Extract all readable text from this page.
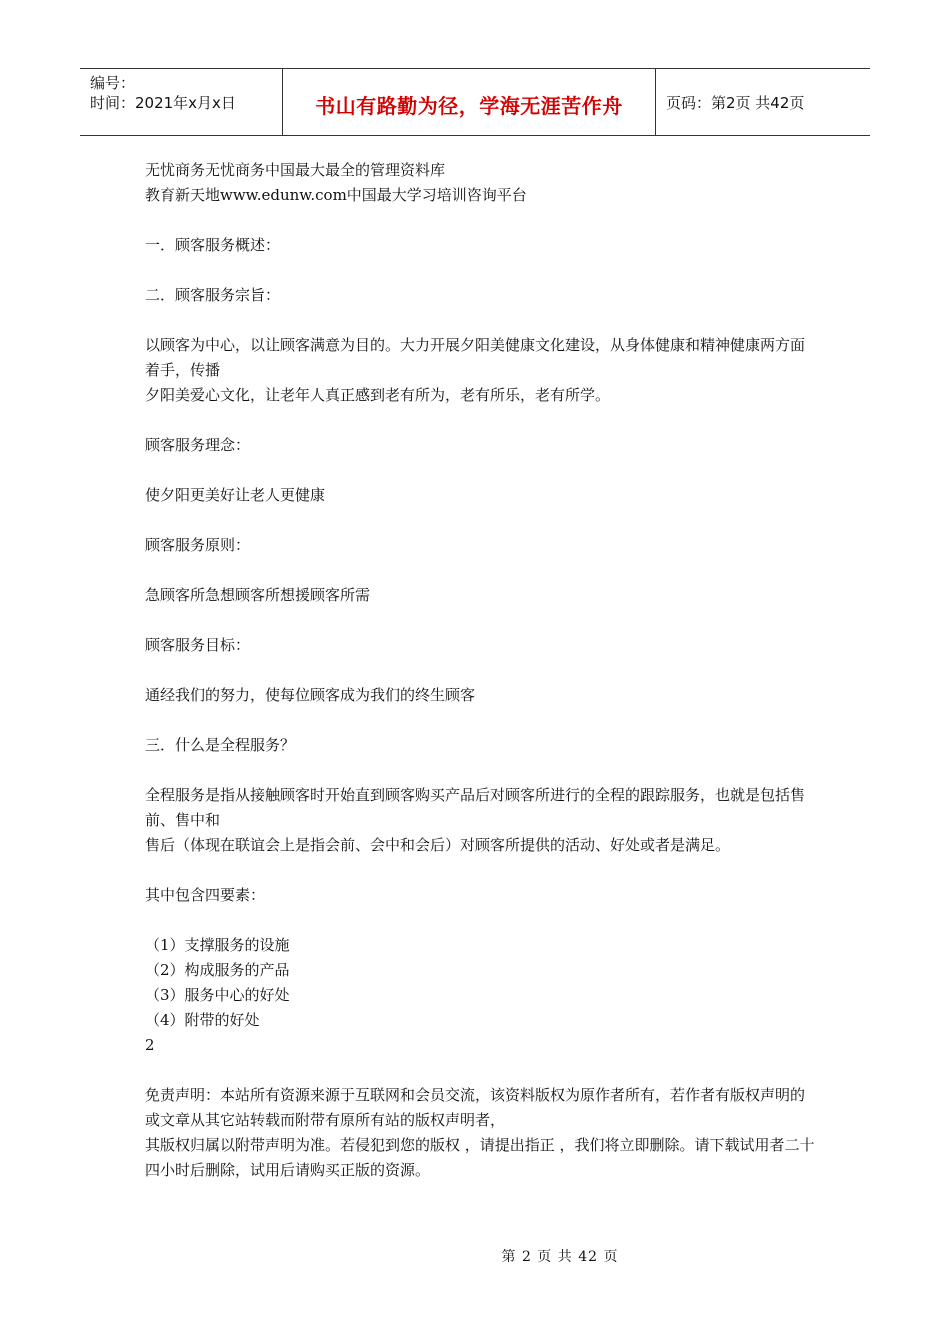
编号：
时间：2021年x月x日	书山有路勤为径，学海无涯苦作舟	页码：第2页 共42页

无忧商务无忧商务中国最大最全的管理资料库

教育新天地www.edunw.com中国最大学习培训咨询平台

一．顾客服务概述：

二．顾客服务宗旨：

以顾客为中心，以让顾客满意为目的。大力开展夕阳美健康文化建设，从身体健康和精神健康两方面着手，传播

夕阳美爱心文化，让老年人真正感到老有所为，老有所乐，老有所学。

顾客服务理念：

使夕阳更美好让老人更健康

顾客服务原则：

急顾客所急想顾客所想援顾客所需

顾客服务目标：

通经我们的努力，使每位顾客成为我们的终生顾客

三．什么是全程服务？

全程服务是指从接触顾客时开始直到顾客购买产品后对顾客所进行的全程的跟踪服务，也就是包括售前、售中和

售后（体现在联谊会上是指会前、会中和会后）对顾客所提供的活动、好处或者是满足。

其中包含四要素：

（1）支撑服务的设施

（2）构成服务的产品

（3）服务中心的好处

（4）附带的好处

2

免责声明：本站所有资源来源于互联网和会员交流，该资料版权为原作者所有，若作者有版权声明的或文章从其它站转载而附带有原所有站的版权声明者，

其版权归属以附带声明为准。若侵犯到您的版权 ，请提出指正 ，我们将立即删除。请下载试用者二十四小时后删除，试用后请购买正版的资源。

第 2 页 共 42 页
